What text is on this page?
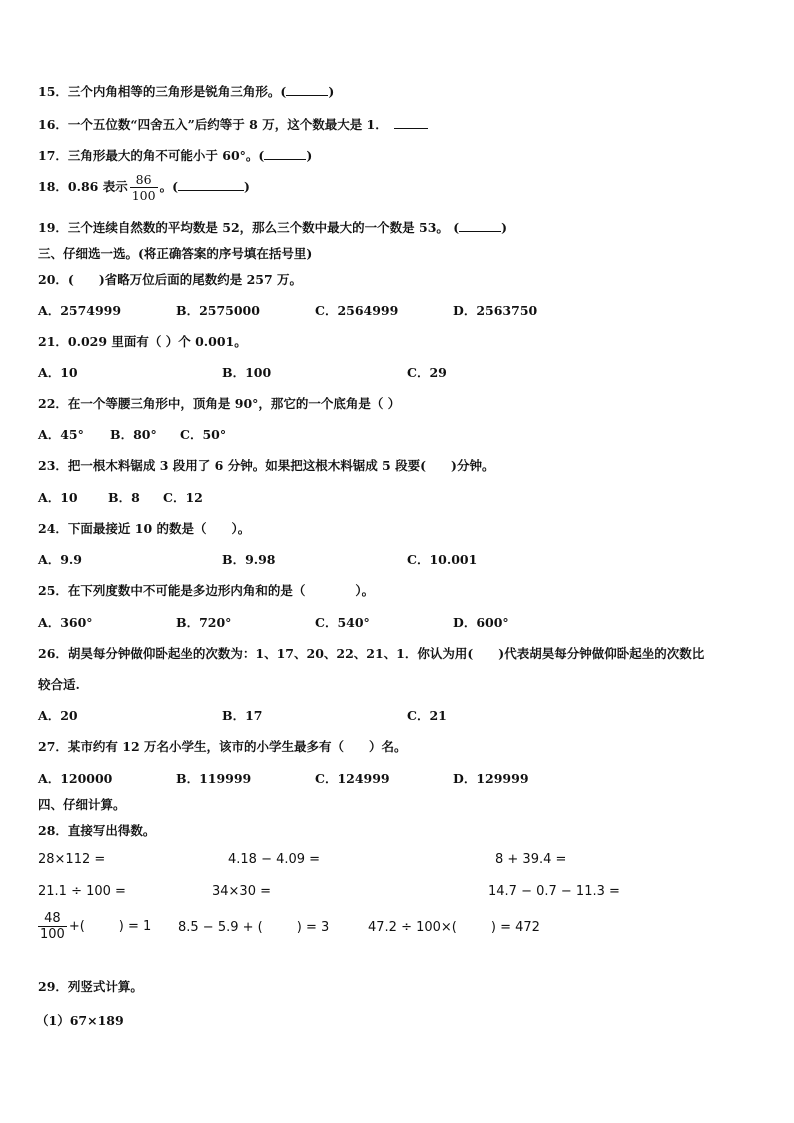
15．三个内角相等的三角形是锐角三角形。(	)
16．一个五位数“四舍五入”后约等于 8 万，这个数最大是 1．
17．三角形最大的角不可能小于 60°。(	)
18．0.86 表示 $\frac{86}{100}$ 。(	)
19．三个连续自然数的平均数是 52，那么三个数中最大的一个数是 53。 (	)
三、仔细选一选。(将正确答案的序号填在括号里)
20．(　　)省略万位后面的尾数约是 257 万。
A．2574999	B．2575000	C．2564999	D．2563750
21．0.029 里面有（ ）个 0.001。
A．10	B．100	C．29
22．在一个等腰三角形中，顶角是 90°，那它的一个底角是（ ）
A．45° B．80° C．50°
23．把一根木料锯成 3 段用了 6 分钟。如果把这根木料锯成 5 段要(　　)分钟。
A．10 B．8 C．12
24．下面最接近 10 的数是（　　）。
A．9.9	B．9.98	C．10.001
25．在下列度数中不可能是多边形内角和的是（　　　　）。
A．360°	B．720°	C．540°	D．600°
26．胡昊每分钟做仰卧起坐的次数为：1、17、20、22、21、1．你认为用(　　)代表胡昊每分钟做仰卧起坐的次数比
较合适.
A．20	B．17	C．21
27．某市约有 12 万名小学生，该市的小学生最多有（　　）名。
A．120000	B．119999	C．124999	D．129999
四、仔细计算。
28．直接写出得数。
28×112 =	4.18 − 4.09 =	8 + 39.4 =
21.1 ÷ 100 =	34×30 =	14.7 − 0.7 − 11.3 =
$\frac{48}{100}$ +(	) = 1 8.5 − 5.9 + (	) = 3	47.2 ÷ 100×(	) = 472
29．列竖式计算。
（1）67×189
